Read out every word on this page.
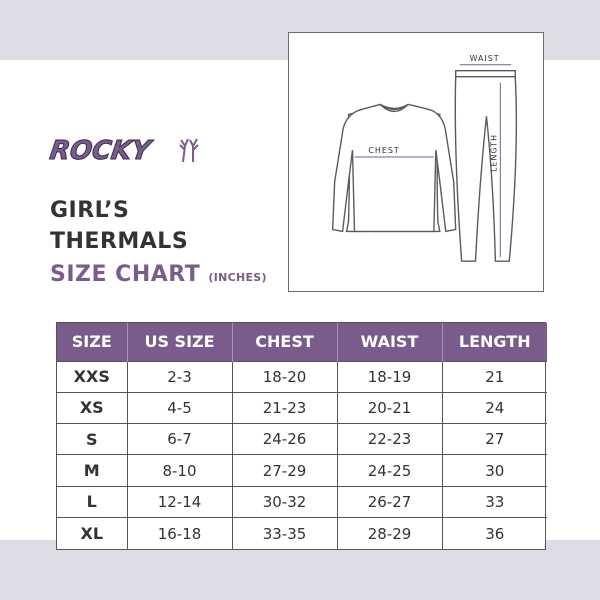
ROCKY
GIRL’S
THERMALS
SIZE CHART (INCHES)
CHEST
WAIST
LENGTH
SIZE	US SIZE	CHEST	WAIST	LENGTH
XXS	2-3	18-20	18-19	21
XS	4-5	21-23	20-21	24
S	6-7	24-26	22-23	27
M	8-10	27-29	24-25	30
L	12-14	30-32	26-27	33
XL	16-18	33-35	28-29	36
